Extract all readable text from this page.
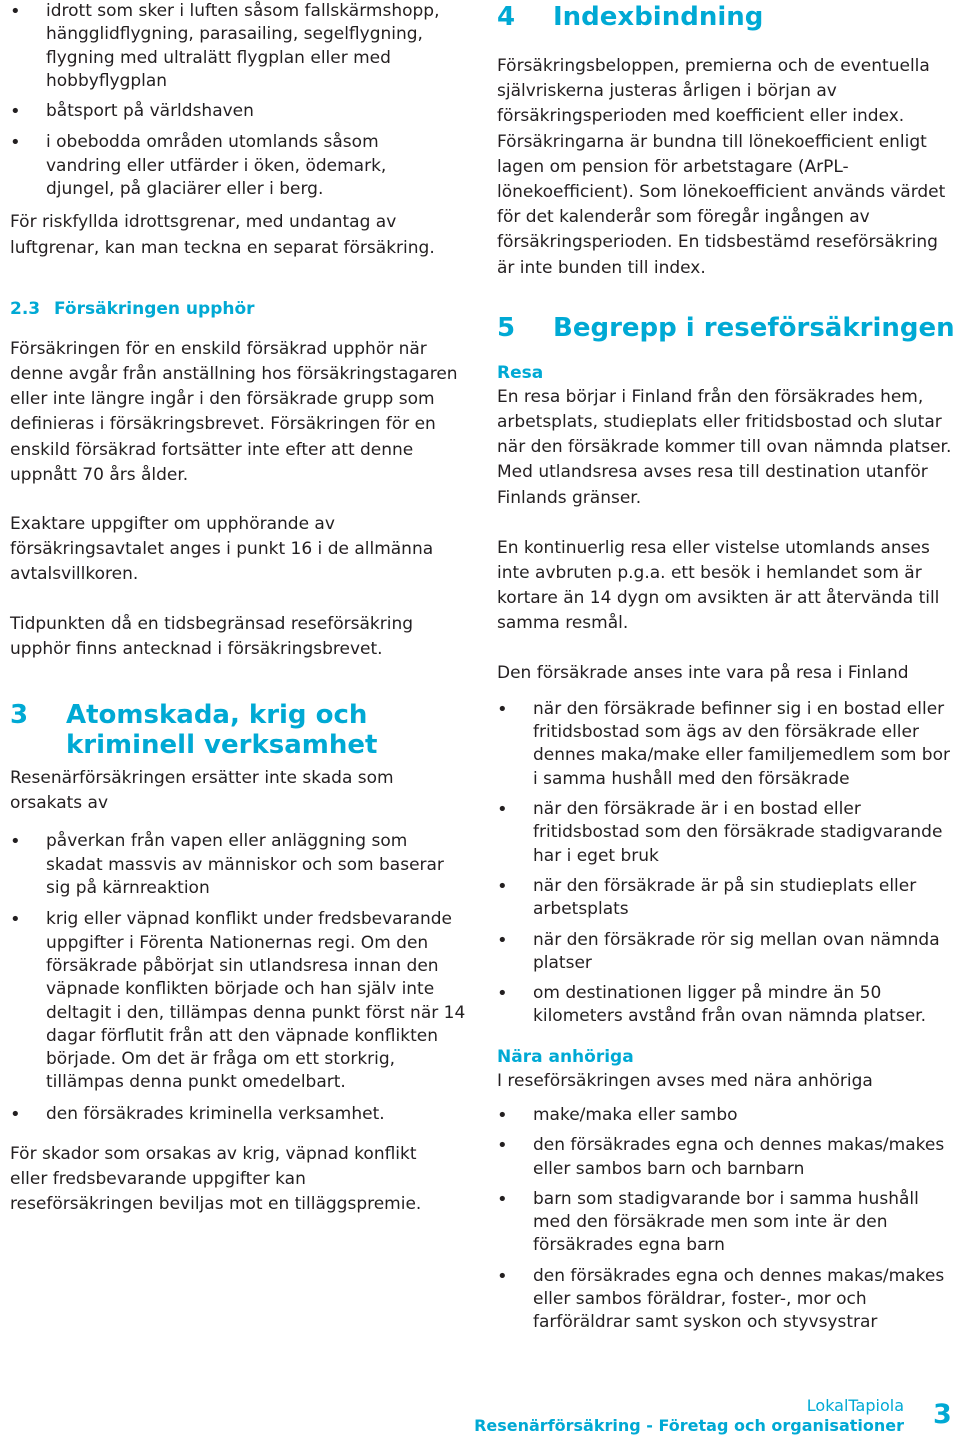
• idrott som sker i luften såsom fallskärmshopp, hängglidflygning, parasailing, segelflygning, flygning med ultralätt flygplan eller med hobbyflygplan
• båtsport på världshaven
• i obebodda områden utomlands såsom vandring eller utfärder i öken, ödemark, djungel, på glaciärer eller i berg.

För riskfyllda idrottsgrenar, med undantag av luftgrenar, kan man teckna en separat försäkring.

2.3 Försäkringen upphör

Försäkringen för en enskild försäkrad upphör när denne avgår från anställning hos försäkringstagaren eller inte längre ingår i den försäkrade grupp som definieras i försäkringsbrevet. Försäkringen för en enskild försäkrad fortsätter inte efter att denne uppnått 70 års ålder.

Exaktare uppgifter om upphörande av försäkringsavtalet anges i punkt 16 i de allmänna avtalsvillkoren.

Tidpunkten då en tidsbegränsad reseförsäkring upphör finns antecknad i försäkringsbrevet.

3 Atomskada, krig och kriminell verksamhet

Resenärförsäkringen ersätter inte skada som orsakats av

• påverkan från vapen eller anläggning som skadat massvis av människor och som baserar sig på kärnreaktion
• krig eller väpnad konflikt under fredsbevarande uppgifter i Förenta Nationernas regi. Om den försäkrade påbörjat sin utlandsresa innan den väpnade konflikten började och han själv inte deltagit i den, tillämpas denna punkt först när 14 dagar förflutit från att den väpnade konflikten började. Om det är fråga om ett storkrig, tillämpas denna punkt omedelbart.
• den försäkrades kriminella verksamhet.

För skador som orsakas av krig, väpnad konflikt eller fredsbevarande uppgifter kan reseförsäkringen beviljas mot en tilläggspremie.

4 Indexbindning

Försäkringsbeloppen, premierna och de eventuella självriskerna justeras årligen i början av försäkringsperioden med koefficient eller index. Försäkringarna är bundna till lönekoefficient enligt lagen om pension för arbetstagare (ArPL-lönekoefficient). Som lönekoefficient används värdet för det kalenderår som föregår ingången av försäkringsperioden. En tidsbestämd reseförsäkring är inte bunden till index.

5 Begrepp i reseförsäkringen

Resa

En resa börjar i Finland från den försäkrades hem, arbetsplats, studieplats eller fritidsbostad och slutar när den försäkrade kommer till ovan nämnda platser. Med utlandsresa avses resa till destination utanför Finlands gränser.

En kontinuerlig resa eller vistelse utomlands anses inte avbruten p.g.a. ett besök i hemlandet som är kortare än 14 dygn om avsikten är att återvända till samma resmål.

Den försäkrade anses inte vara på resa i Finland

• när den försäkrade befinner sig i en bostad eller fritidsbostad som ägs av den försäkrade eller dennes maka/make eller familjemedlem som bor i samma hushåll med den försäkrade
• när den försäkrade är i en bostad eller fritidsbostad som den försäkrade stadigvarande har i eget bruk
• när den försäkrade är på sin studieplats eller arbetsplats
• när den försäkrade rör sig mellan ovan nämnda platser
• om destinationen ligger på mindre än 50 kilometers avstånd från ovan nämnda platser.

Nära anhöriga

I reseförsäkringen avses med nära anhöriga

• make/maka eller sambo
• den försäkrades egna och dennes makas/makes eller sambos barn och barnbarn
• barn som stadigvarande bor i samma hushåll med den försäkrade men som inte är den försäkrades egna barn
• den försäkrades egna och dennes makas/makes eller sambos föräldrar, foster-, mor och farföräldrar samt syskon och styvsystrar
LokalTapiola
Resenärförsäkring - Företag och organisationer 3
